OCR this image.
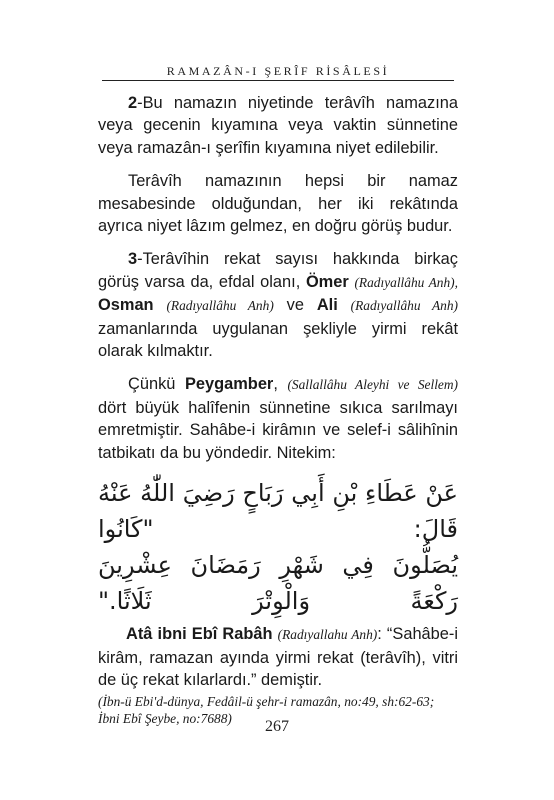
RAMAZÂN-I ŞERÎF RİSÂLESİ

2-Bu namazın niyetinde terâvîh namazına veya gecenin kıyamına veya vaktin sünnetine veya ramazân-ı şerîfin kıyamına niyet edilebilir.

Terâvîh namazının hepsi bir namaz mesabesinde olduğundan, her iki rekâtında ayrıca niyet lâzım gelmez, en doğru görüş budur.

3-Terâvîhin rekat sayısı hakkında birkaç görüş varsa da, efdal olanı, Ömer (Radıyallâhu Anh), Osman (Radıyallâhu Anh) ve Ali (Radıyallâhu Anh) zamanlarında uygulanan şekliyle yirmi rekât olarak kılmaktır.

Çünkü Peygamber, (Sallallâhu Aleyhi ve Sellem) dört büyük halîfenin sünnetine sıkıca sarılmayı emretmiştir. Sahâbe-i kirâmın ve selef-i sâlihînin tatbikatı da bu yöndedir. Nitekim:

عَنْ عَطَاءِ بْنِ أَبِي رَبَاحٍ رَضِيَ اللّٰهُ عَنْهُ قَالَ: "كَانُوا
يُصَلُّونَ فِي شَهْرِ رَمَضَانَ عِشْرِينَ رَكْعَةً وَالْوِتْرَ ثَلَاثًا."

Atâ ibni Ebî Rabâh (Radıyallahu Anh): “Sahâbe-i kirâm, ramazan ayında yirmi rekat (terâvîh), vitri de üç rekat kılarlardı.” demiştir.

(İbn-ü Ebi'd-dünya, Fedâil-ü şehr-i ramazân, no:49, sh:62-63; İbni Ebî Şeybe, no:7688)	267
